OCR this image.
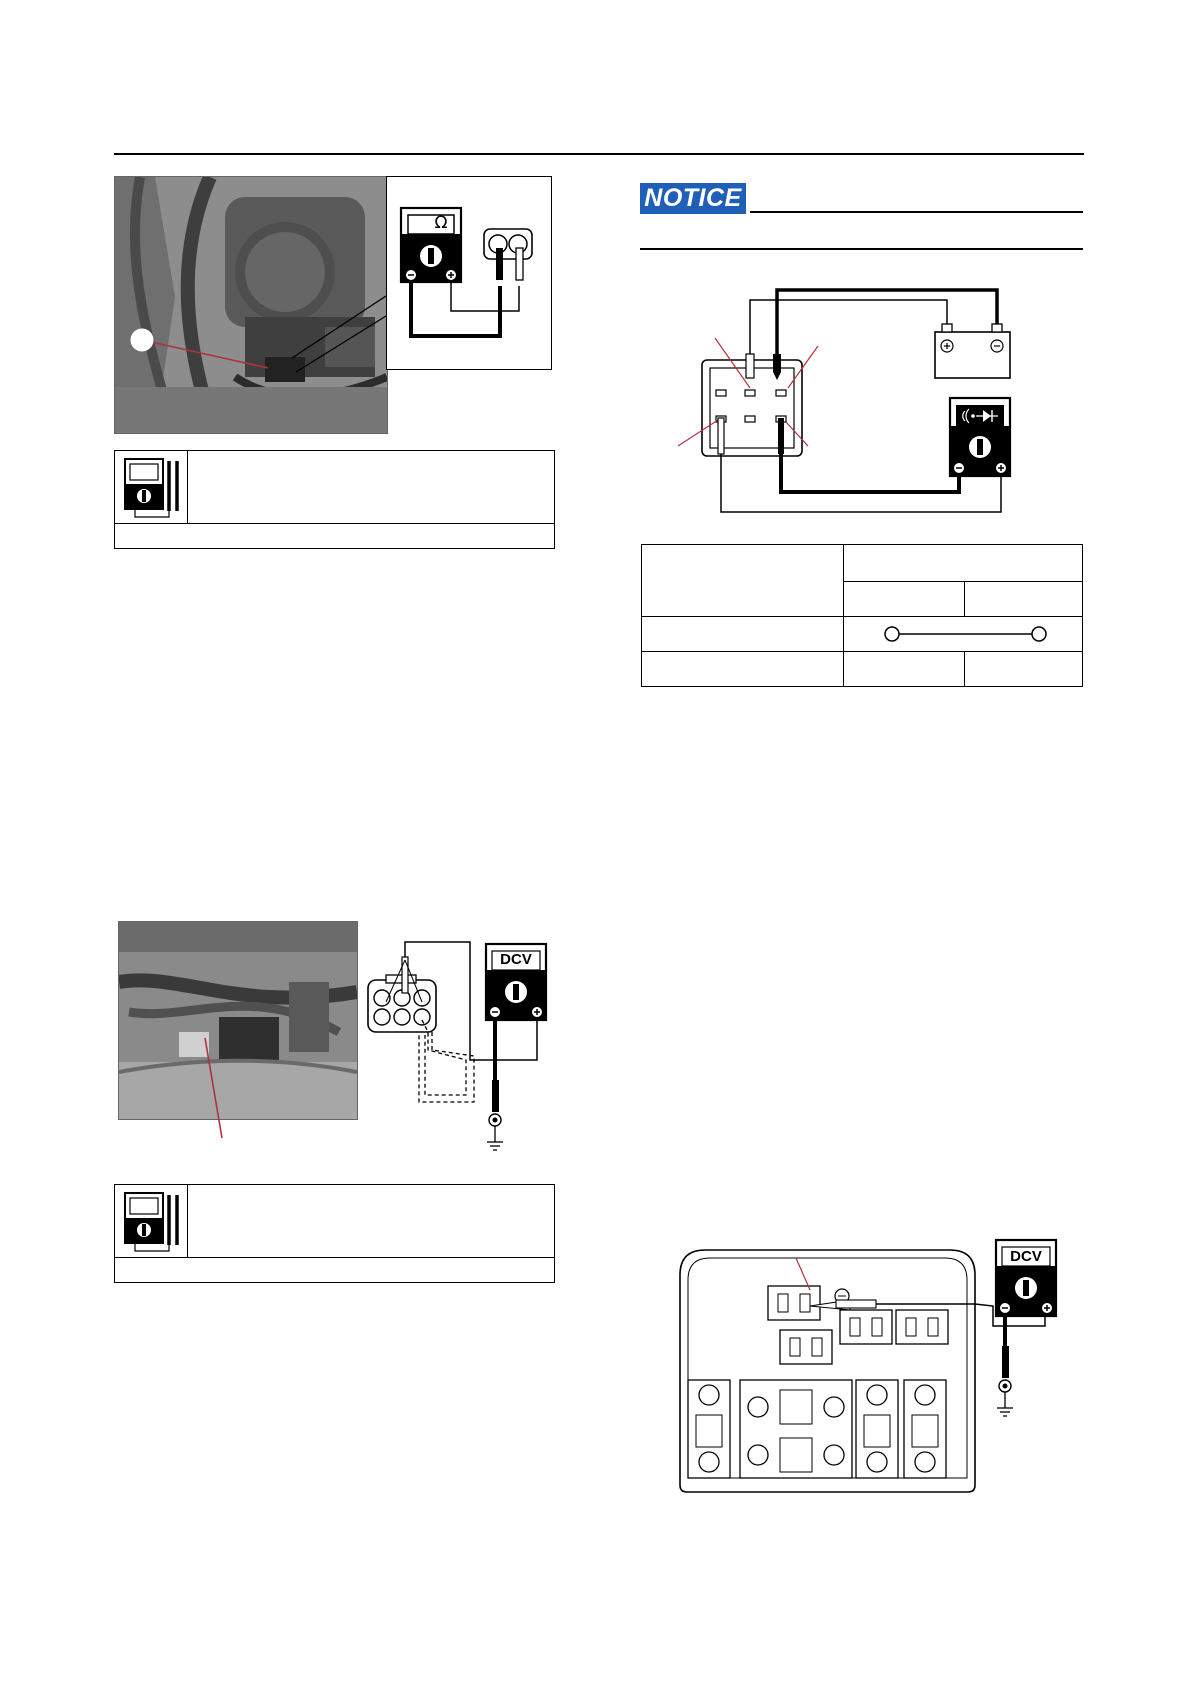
Ω
DCV
NOTICE

DCV
